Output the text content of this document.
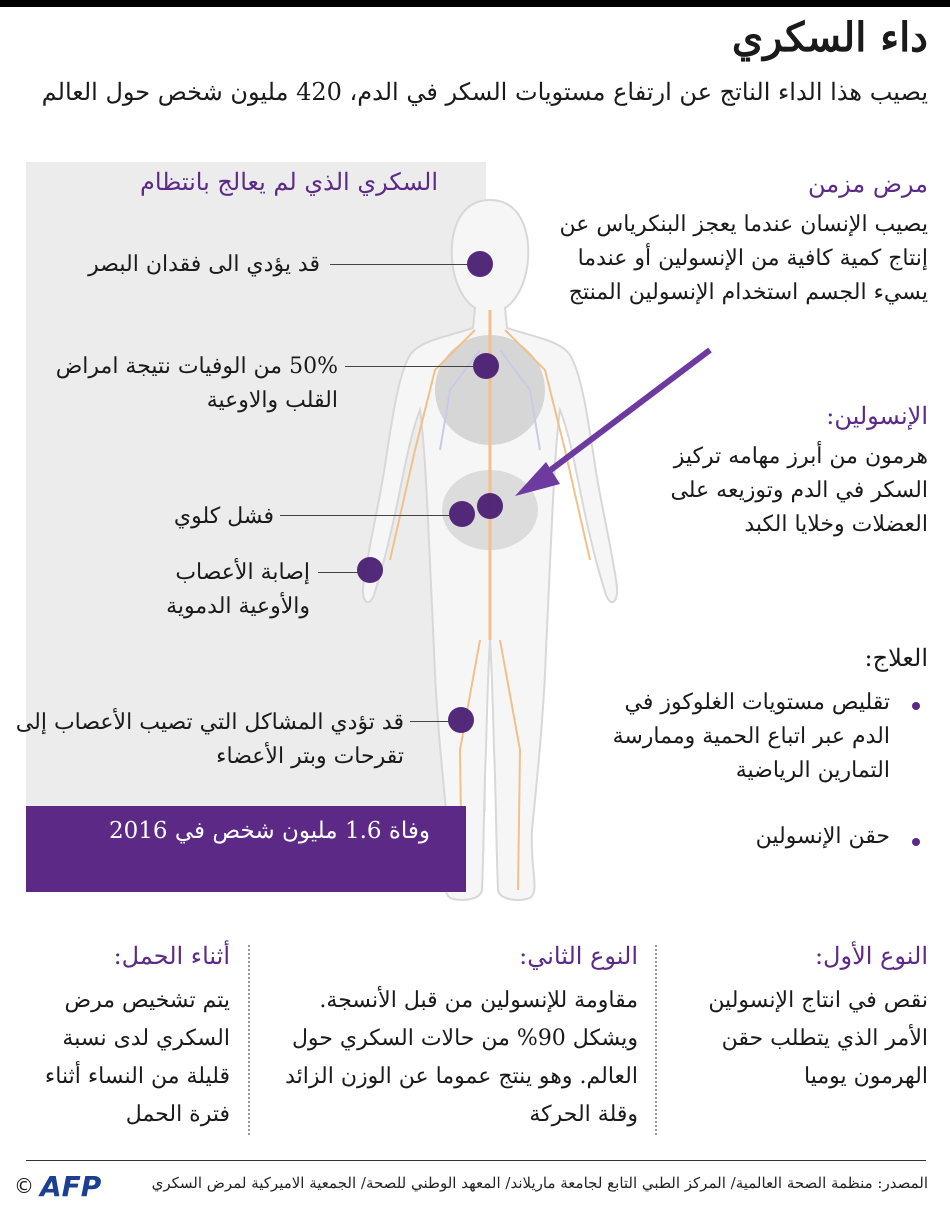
داء السكري
يصيب هذا الداء الناتج عن ارتفاع مستويات السكر في الدم، 420 مليون شخص حول العالم
السكري الذي لم يعالج بانتظام
قد يؤدي الى فقدان البصر
50% من الوفيات نتيجة امراض القلب والاوعية
فشل كلوي
إصابة الأعصاب والأوعية الدموية
قد تؤدي المشاكل التي تصيب الأعصاب إلى تقرحات وبتر الأعضاء
وفاة 1.6 مليون شخص في 2016
مرض مزمن
يصيب الإنسان عندما يعجز البنكرياس عن إنتاج كمية كافية من الإنسولين أو عندما يسيء الجسم استخدام الإنسولين المنتج
الإنسولين:
هرمون من أبرز مهامه تركيز السكر في الدم وتوزيعه على العضلات وخلايا الكبد
العلاج:
تقليص مستويات الغلوكوز في الدم عبر اتباع الحمية وممارسة التمارين الرياضية
حقن الإنسولين
النوع الأول:
نقص في انتاج الإنسولين الأمر الذي يتطلب حقن الهرمون يوميا
النوع الثاني:
مقاومة للإنسولين من قبل الأنسجة. ويشكل 90% من حالات السكري حول العالم. وهو ينتج عموما عن الوزن الزائد وقلة الحركة
أثناء الحمل:
يتم تشخيص مرض السكري لدى نسبة قليلة من النساء أثناء فترة الحمل
المصدر: منظمة الصحة العالمية/ المركز الطبي التابع لجامعة ماريلاند/ المعهد الوطني للصحة/ الجمعية الاميركية لمرض السكري
AFP
©
